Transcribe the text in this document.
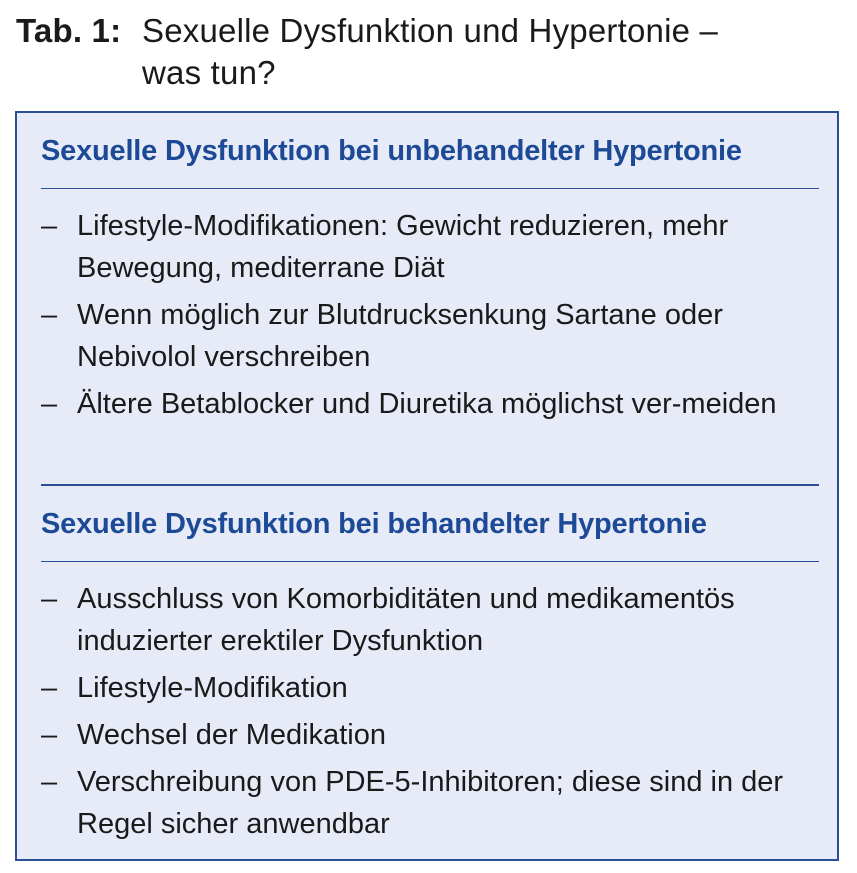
Tab. 1: Sexuelle Dysfunktion und Hypertonie –
was tun?
Sexuelle Dysfunktion bei unbehandelter Hypertonie
– Lifestyle-Modifikationen: Gewicht reduzieren, mehr Bewegung, mediterrane Diät
– Wenn möglich zur Blutdrucksenkung Sartane oder Nebivolol verschreiben
– Ältere Betablocker und Diuretika möglichst ver-meiden
Sexuelle Dysfunktion bei behandelter Hypertonie
– Ausschluss von Komorbiditäten und medikamentös induzierter erektiler Dysfunktion
– Lifestyle-Modifikation
– Wechsel der Medikation
– Verschreibung von PDE-5-Inhibitoren; diese sind in der Regel sicher anwendbar
